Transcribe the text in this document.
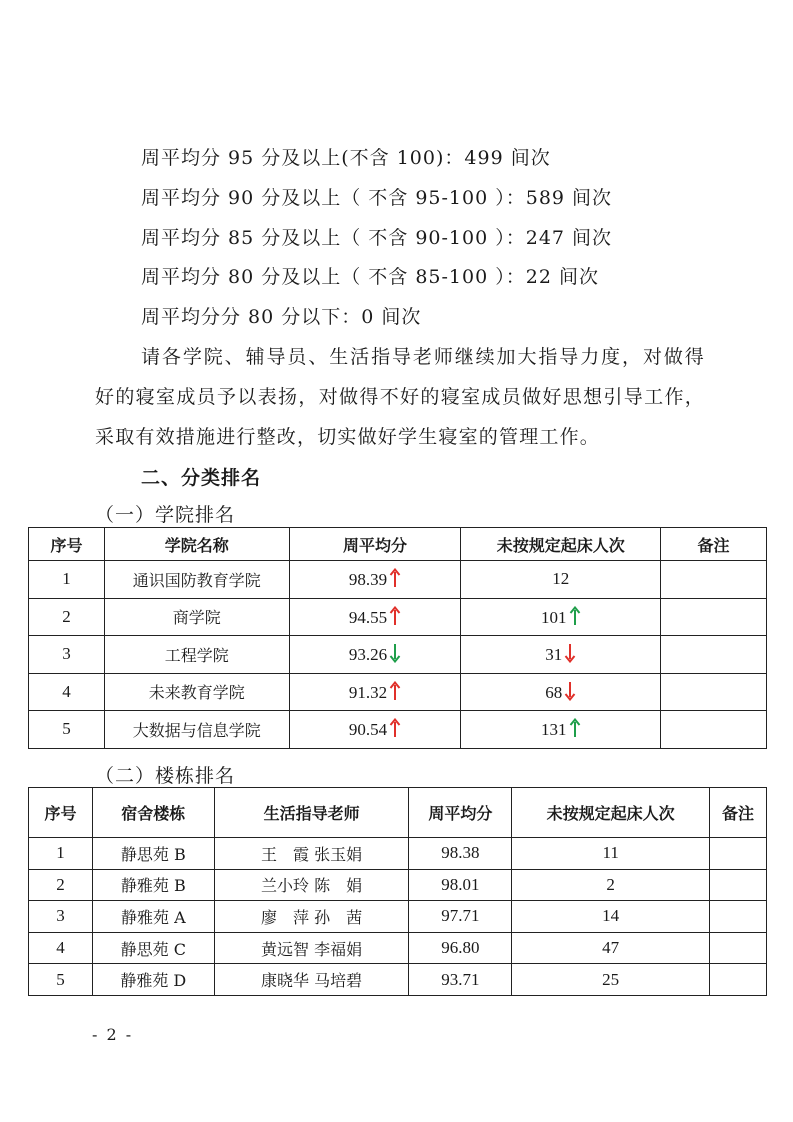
周平均分 95 分及以上(不含 100)：499 间次
周平均分 90 分及以上（ 不含 95-100 ）：589 间次
周平均分 85 分及以上（ 不含 90-100 ）：247 间次
周平均分 80 分及以上（ 不含 85-100 ）：22 间次
周平均分分 80 分以下：0 间次
请各学院、辅导员、生活指导老师继续加大指导力度，对做得好的寝室成员予以表扬，对做得不好的寝室成员做好思想引导工作，采取有效措施进行整改，切实做好学生寝室的管理工作。
二、分类排名
（一）学院排名
序号	学院名称	周平均分	未按规定起床人次	备注
1	通识国防教育学院	98.39	12	
2	商学院	94.55	101	
3	工程学院	93.26	31	
4	未来教育学院	91.32	68	
5	大数据与信息学院	90.54	131	
（二）楼栋排名
序号	宿舍楼栋	生活指导老师	周平均分	未按规定起床人次	备注
1	静思苑 B	王　霞 张玉娟	98.38	11	
2	静雅苑 B	兰小玲 陈　娟	98.01	2	
3	静雅苑 A	廖　萍 孙　茜	97.71	14	
4	静思苑 C	黄远智 李福娟	96.80	47	
5	静雅苑 D	康晓华 马培碧	93.71	25	
- 2 -
